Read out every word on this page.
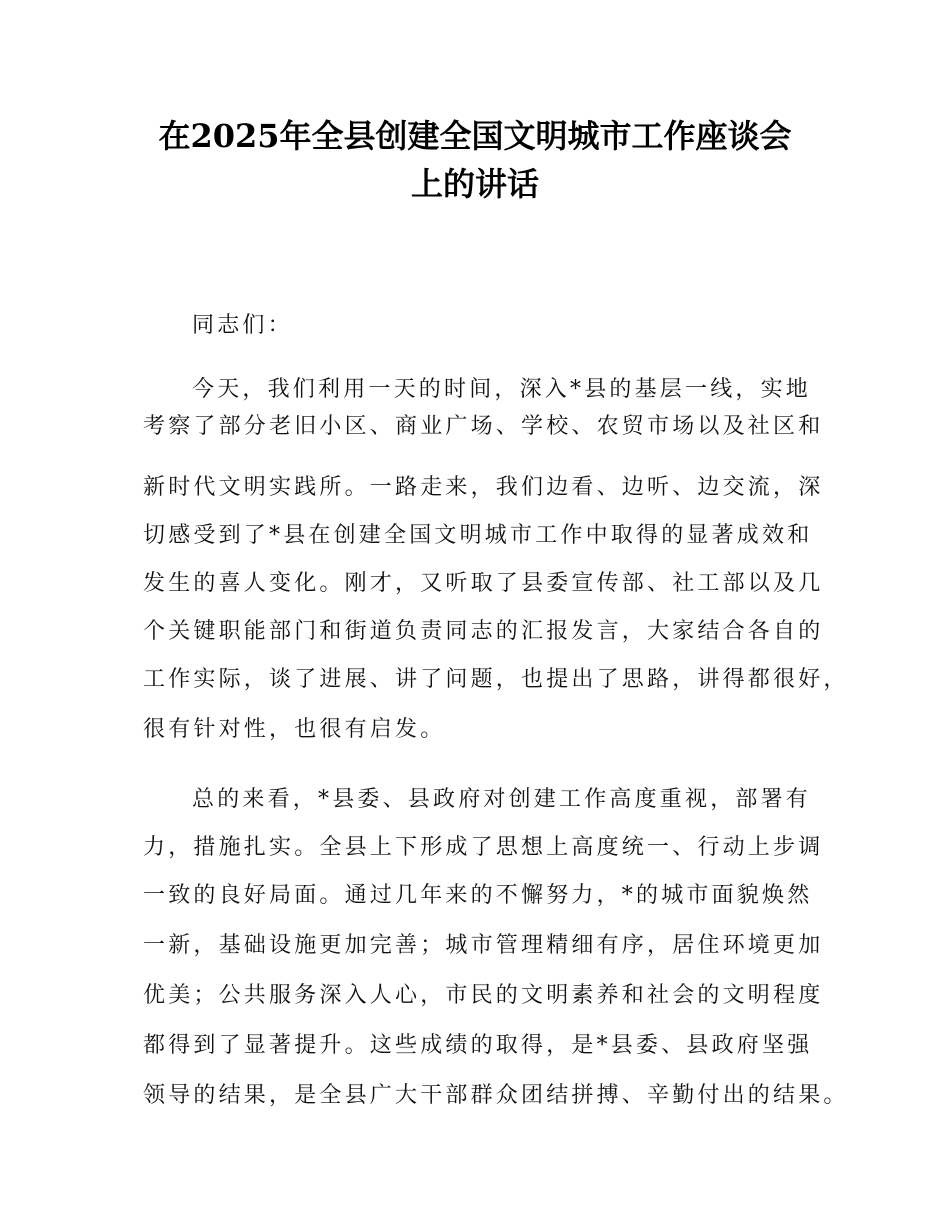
在2025年全县创建全国文明城市工作座谈会
上的讲话
同志们：
今天，我们利用一天的时间，深入*县的基层一线，实地
考察了部分老旧小区、商业广场、学校、农贸市场以及社区和
新时代文明实践所。一路走来，我们边看、边听、边交流，深
切感受到了*县在创建全国文明城市工作中取得的显著成效和
发生的喜人变化。刚才，又听取了县委宣传部、社工部以及几
个关键职能部门和街道负责同志的汇报发言，大家结合各自的
工作实际，谈了进展、讲了问题，也提出了思路，讲得都很好，
很有针对性，也很有启发。
总的来看，*县委、县政府对创建工作高度重视，部署有
力，措施扎实。全县上下形成了思想上高度统一、行动上步调
一致的良好局面。通过几年来的不懈努力，*的城市面貌焕然
一新，基础设施更加完善；城市管理精细有序，居住环境更加
优美；公共服务深入人心，市民的文明素养和社会的文明程度
都得到了显著提升。这些成绩的取得，是*县委、县政府坚强
领导的结果，是全县广大干部群众团结拼搏、辛勤付出的结果。
